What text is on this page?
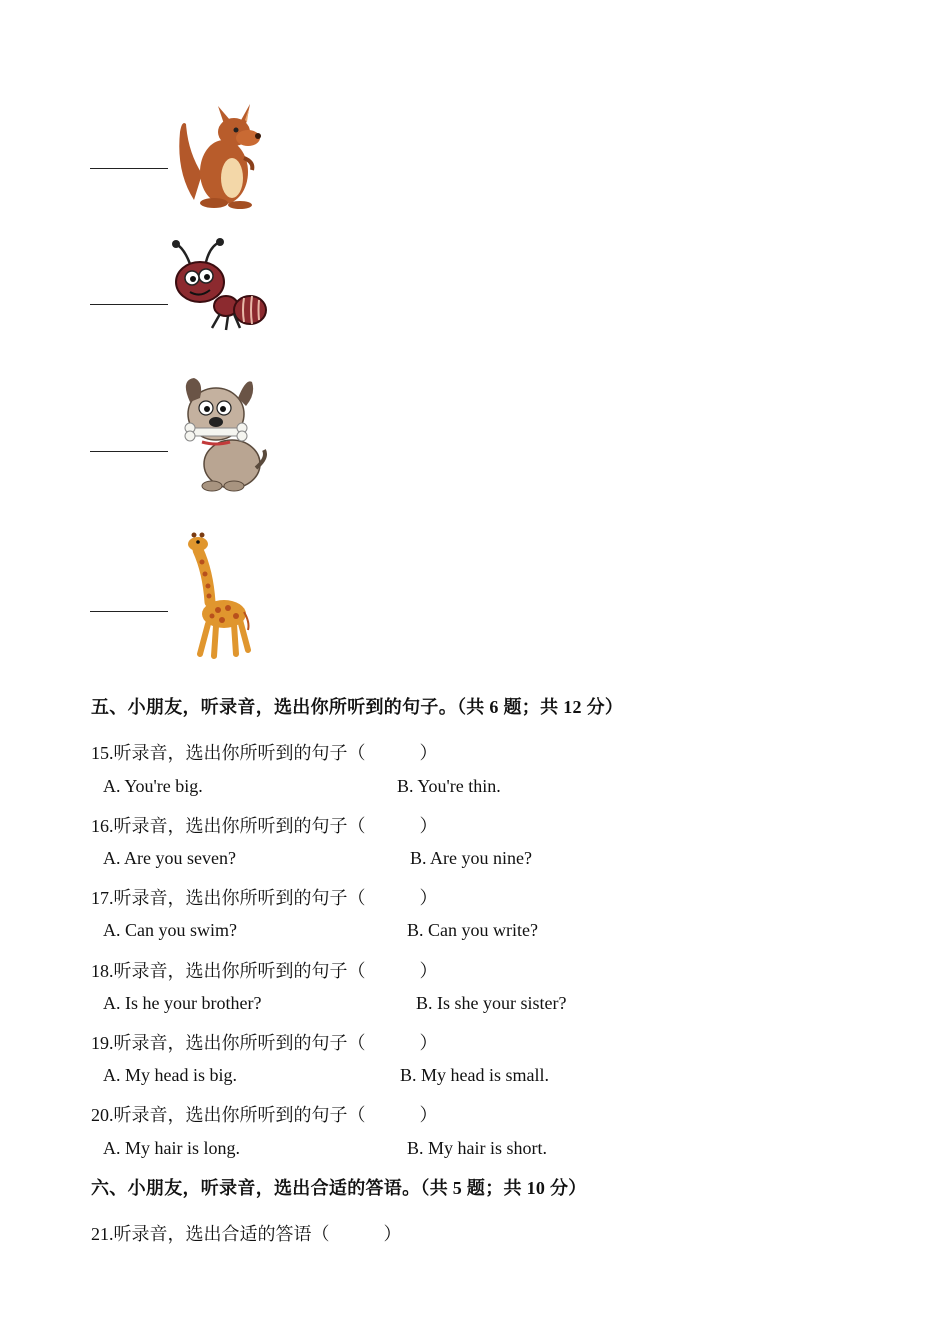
五、小朋友，听录音，选出你所听到的句子。（共 6 题；共 12 分）
15.听录音，选出你所听到的句子（　　　）
A. You're big.	B. You're thin.
16.听录音，选出你所听到的句子（　　　）
A. Are you seven?	B. Are you nine?
17.听录音，选出你所听到的句子（　　　）
A. Can you swim?	B. Can you write?
18.听录音，选出你所听到的句子（　　　）
A. Is he your brother?	B. Is she your sister?
19.听录音，选出你所听到的句子（　　　）
A. My head is big.	B. My head is small.
20.听录音，选出你所听到的句子（　　　）
A. My hair is long.	B. My hair is short.
六、小朋友，听录音，选出合适的答语。（共 5 题；共 10 分）
21.听录音，选出合适的答语（　　　）
